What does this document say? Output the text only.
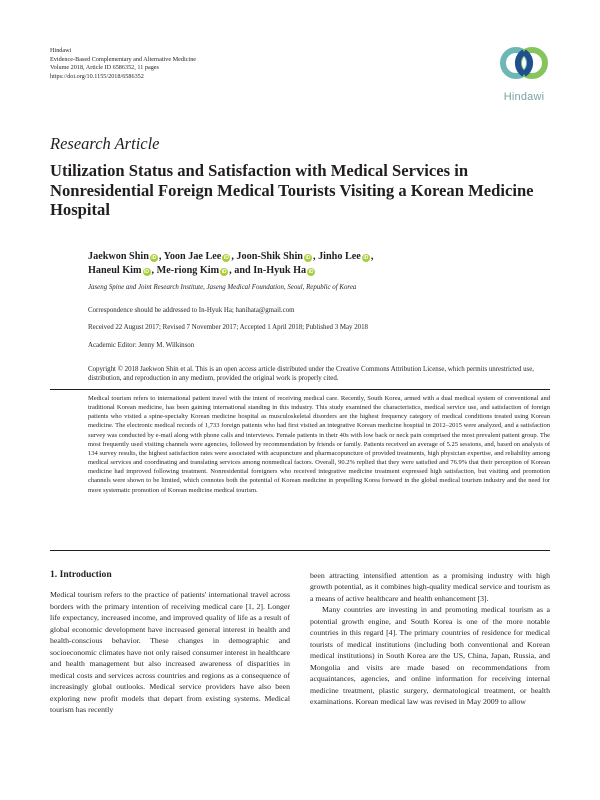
Hindawi
Evidence-Based Complementary and Alternative Medicine
Volume 2018, Article ID 6586352, 11 pages
https://doi.org/10.1155/2018/6586352
Hindawi
Research Article
Utilization Status and Satisfaction with Medical Services in Nonresidential Foreign Medical Tourists Visiting a Korean Medicine Hospital
Jaekwon Shin iD , Yoon Jae Lee iD , Joon-Shik Shin iD , Jinho Lee iD ,
Haneul Kim iD , Me-riong Kim iD , and In-Hyuk Ha iD
Jaseng Spine and Joint Research Institute, Jaseng Medical Foundation, Seoul, Republic of Korea
Correspondence should be addressed to In-Hyuk Ha; hanihata@gmail.com
Received 22 August 2017; Revised 7 November 2017; Accepted 1 April 2018; Published 3 May 2018
Academic Editor: Jenny M. Wilkinson
Copyright © 2018 Jaekwon Shin et al. This is an open access article distributed under the Creative Commons Attribution License, which permits unrestricted use, distribution, and reproduction in any medium, provided the original work is properly cited.
Medical tourism refers to international patient travel with the intent of receiving medical care. Recently, South Korea, armed with a dual medical system of conventional and traditional Korean medicine, has been gaining international standing in this industry. This study examined the characteristics, medical service use, and satisfaction of foreign patients who visited a spine-specialty Korean medicine hospital as musculoskeletal disorders are the highest frequency category of medical conditions treated using Korean medicine. The electronic medical records of 1,733 foreign patients who had first visited an integrative Korean medicine hospital in 2012–2015 were analyzed, and a satisfaction survey was conducted by e-mail along with phone calls and interviews. Female patients in their 40s with low back or neck pain comprised the most prevalent patient group. The most frequently used visiting channels were agencies, followed by recommendation by friends or family. Patients received an average of 5.25 sessions, and, based on analysis of 134 survey results, the highest satisfaction rates were associated with acupuncture and pharmacopuncture of provided treatments, high physician expertise, and reliability among medical services and coordinating and translating services among nonmedical factors. Overall, 90.2% replied that they were satisfied and 76.9% that their perception of Korean medicine had improved following treatment. Nonresidential foreigners who received integrative medicine treatment expressed high satisfaction, but visiting and promotion channels were shown to be limited, which connotes both the potential of Korean medicine in propelling Korea forward in the global medical tourism industry and the need for more systematic promotion of Korean medicine medical tourism.
1. Introduction

Medical tourism refers to the practice of patients' international travel across borders with the primary intention of receiving medical care [1, 2]. Longer life expectancy, increased income, and improved quality of life as a result of global economic development have increased general interest in health and health-conscious behavior. These changes in demographic and socioeconomic climates have not only raised consumer interest in healthcare and health management but also increased awareness of disparities in medical costs and services across countries and regions as a consequence of increasingly global outlooks. Medical service providers have also been exploring new profit models that depart from existing systems. Medical tourism has recently

been attracting intensified attention as a promising industry with high growth potential, as it combines high-quality medical service and tourism as a means of active healthcare and health enhancement [3].

Many countries are investing in and promoting medical tourism as a potential growth engine, and South Korea is one of the more notable countries in this regard [4]. The primary countries of residence for medical tourists of medical institutions (including both conventional and Korean medical institutions) in South Korea are the US, China, Japan, Russia, and Mongolia and visits are made based on recommendations from acquaintances, agencies, and online information for receiving internal medicine treatment, plastic surgery, dermatological treatment, or health examinations. Korean medical law was revised in May 2009 to allow
